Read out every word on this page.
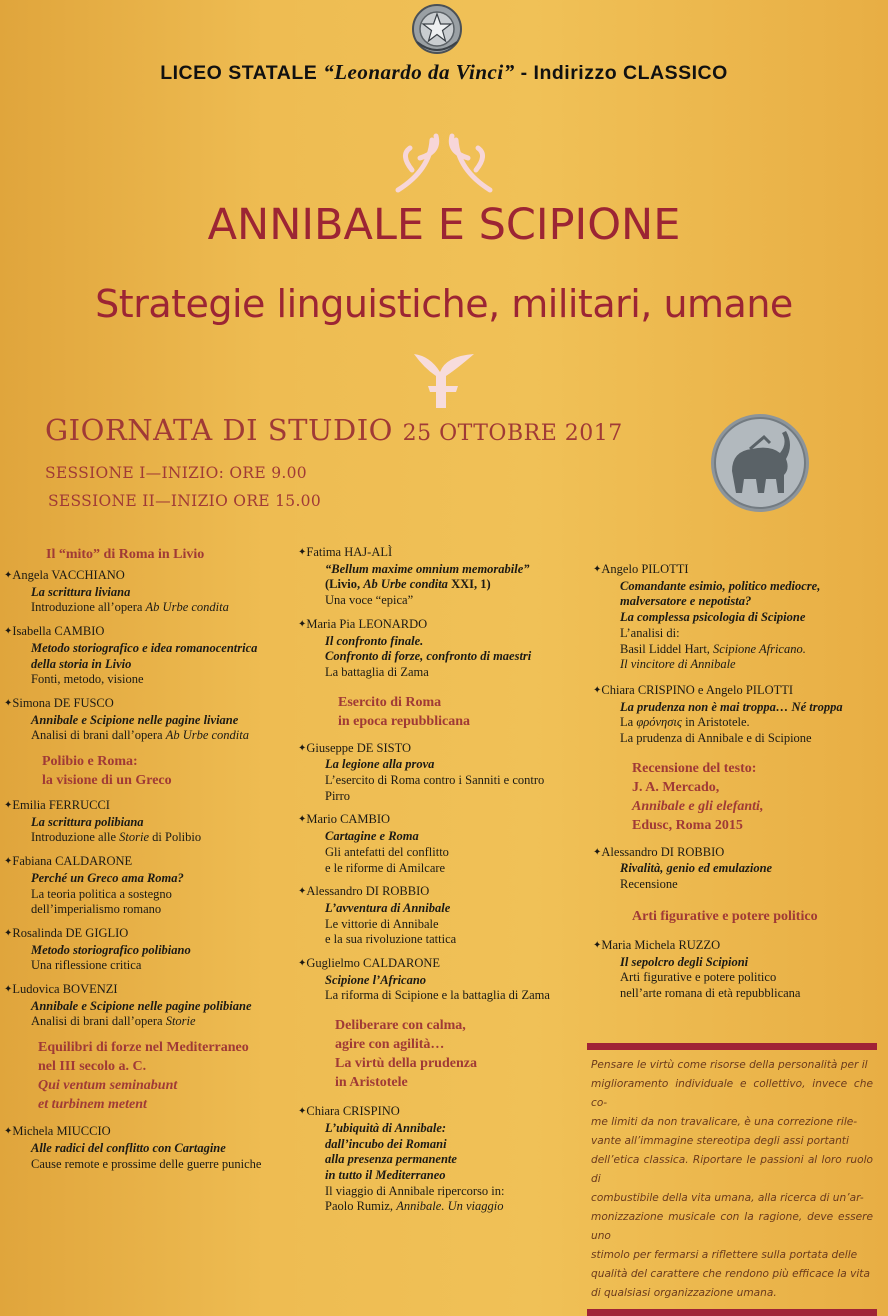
LICEO STATALE “Leonardo da Vinci” - Indirizzo CLASSICO
ANNIBALE E SCIPIONE
Strategie linguistiche, militari, umane
GIORNATA DI STUDIO 25 OTTOBRE 2017
SESSIONE I—INIZIO: ORE 9.00
SESSIONE II—INIZIO ORE 15.00
Il “mito” di Roma in Livio
✦ Angela VACCHIANO
La scrittura liviana
Introduzione all’opera Ab Urbe condita
✦ Isabella CAMBIO
Metodo storiografico e idea romanocentrica
della storia in Livio
Fonti, metodo, visione
✦ Simona DE FUSCO
Annibale e Scipione nelle pagine liviane
Analisi di brani dall’opera Ab Urbe condita
Polibio e Roma:
la visione di un Greco
✦ Emilia FERRUCCI
La scrittura polibiana
Introduzione alle Storie di Polibio
✦ Fabiana CALDARONE
Perché un Greco ama Roma?
La teoria politica a sostegno
dell’imperialismo romano
✦ Rosalinda DE GIGLIO
Metodo storiografico polibiano
Una riflessione critica
✦ Ludovica BOVENZI
Annibale e Scipione nelle pagine polibiane
Analisi di brani dall’opera Storie
Equilibri di forze nel Mediterraneo
nel III secolo a. C.
Qui ventum seminabunt
et turbinem metent
✦ Michela MIUCCIO
Alle radici del conflitto con Cartagine
Cause remote e prossime delle guerre puniche
✦ Fatima HAJ-ALÌ
“Bellum maxime omnium memorabile”
(Livio, Ab Urbe condita XXI, 1)
Una voce “epica”
✦ Maria Pia LEONARDO
Il confronto finale.
Confronto di forze, confronto di maestri
La battaglia di Zama
Esercito di Roma
in epoca repubblicana
✦ Giuseppe DE SISTO
La legione alla prova
L’esercito di Roma contro i Sanniti e contro
Pirro
✦ Mario CAMBIO
Cartagine e Roma
Gli antefatti del conflitto
e le riforme di Amilcare
✦ Alessandro DI ROBBIO
L’avventura di Annibale
Le vittorie di Annibale
e la sua rivoluzione tattica
✦ Guglielmo CALDARONE
Scipione l’Africano
La riforma di Scipione e la battaglia di Zama
Deliberare con calma,
agire con agilità…
La virtù della prudenza
in Aristotele
✦ Chiara CRISPINO
L’ubiquità di Annibale:
dall’incubo dei Romani
alla presenza permanente
in tutto il Mediterraneo
Il viaggio di Annibale ripercorso in:
Paolo Rumiz, Annibale. Un viaggio
✦ Angelo PILOTTI
Comandante esimio, politico mediocre,
malversatore e nepotista?
La complessa psicologia di Scipione
L’analisi di:
Basil Liddel Hart, Scipione Africano.
Il vincitore di Annibale
✦ Chiara CRISPINO e Angelo PILOTTI
La prudenza non è mai troppa… Né troppa
La φρόνησις in Aristotele.
La prudenza di Annibale e di Scipione
Recensione del testo:
J. A. Mercado,
Annibale e gli elefanti,
Edusc, Roma 2015
✦ Alessandro DI ROBBIO
Rivalità, genio ed emulazione
Recensione
Arti figurative e potere politico
✦ Maria Michela RUZZO
Il sepolcro degli Scipioni
Arti figurative e potere politico
nell’arte romana di età repubblicana
Pensare le virtù come risorse della personalità per il
miglioramento individuale e collettivo, invece che co-
me limiti da non travalicare, è una correzione rile-
vante all’immagine stereotipa degli assi portanti
dell’etica classica. Riportare le passioni al loro ruolo di
combustibile della vita umana, alla ricerca di un’ar-
monizzazione musicale con la ragione, deve essere uno
stimolo per fermarsi a riflettere sulla portata delle
qualità del carattere che rendono più efficace la vita
di qualsiasi organizzazione umana.
